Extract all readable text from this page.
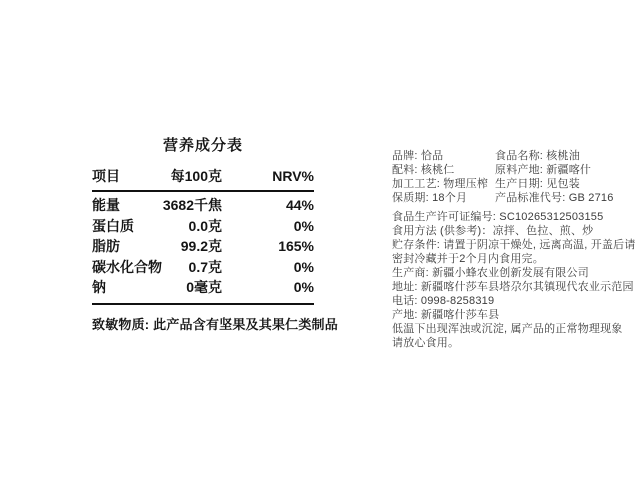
营养成分表
项目	每100克	NRV%
能量	3682千焦	44%
蛋白质	0.0克	0%
脂肪	99.2克	165%
碳水化合物 0.7克	0%
钠	0毫克	0%
致敏物质: 此产品含有坚果及其果仁类制品
品牌: 恰品	食品名称: 核桃油
配料: 核桃仁	原料产地: 新疆喀什
加工工艺: 物理压榨 生产日期: 见包装
保质期: 18个月	产品标准代号: GB 2716
食品生产许可证编号: SC10265312503155
食用方法 (供参考)：凉拌、色拉、煎、炒
贮存条件: 请置于阴凉干燥处, 远离高温, 开盖后请
密封冷藏并于2个月内食用完。
生产商: 新疆小蜂农业创新发展有限公司
地址: 新疆喀什莎车县塔尕尔其镇现代农业示范园
电话: 0998-8258319
产地: 新疆喀什莎车县
低温下出现浑浊或沉淀, 属产品的正常物理现象
请放心食用。
